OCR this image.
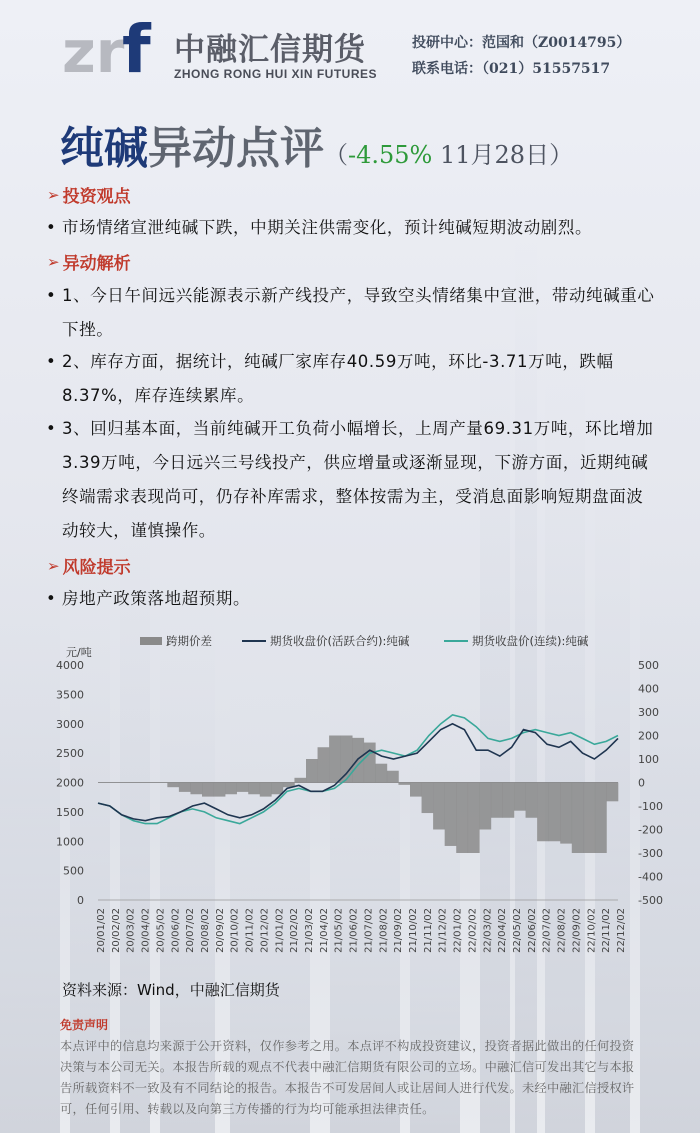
zr
f 中融汇信期货
ZHONG RONG HUI XIN FUTURES
投研中心：范国和（Z0014795）
联系电话：（021）51557517
纯碱异动点评（-4.55% 11月28日）
➢ 投资观点
• 市场情绪宣泄纯碱下跌，中期关注供需变化，预计纯碱短期波动剧烈。
➢ 异动解析
• 1、今日午间远兴能源表示新产线投产，导致空头情绪集中宣泄，带动纯碱重心下挫。
• 2、库存方面，据统计，纯碱厂家库存40.59万吨，环比-3.71万吨，跌幅8.37%，库存连续累库。
• 3、回归基本面，当前纯碱开工负荷小幅增长，上周产量69.31万吨，环比增加3.39万吨，今日远兴三号线投产，供应增量或逐渐显现，下游方面，近期纯碱终端需求表现尚可，仍存补库需求，整体按需为主，受消息面影响短期盘面波动较大，谨慎操作。
➢ 风险提示
• 房地产政策落地超预期。
跨期价差	期货收盘价(活跃合约):纯碱	期货收盘价(连续):纯碱
元/吨
4000
3500
3000
2500
2000
1500
1000
500
0
500
400
300
200
100
0
-100
-200
-300
-400
-500
20/01/02 20/02/02 20/03/02 20/04/02 20/05/02 20/06/02 20/07/02 20/08/02 20/09/02 20/10/02 20/11/02 20/12/02 21/01/02 21/02/02 21/03/02 21/04/02 21/05/02 21/06/02 21/07/02 21/08/02 21/09/02 21/10/02 21/11/02 21/12/02 22/01/02 22/02/02 22/03/02 22/04/02 22/05/02 22/06/02 22/07/02 22/08/02 22/09/02 22/10/02 22/11/02 22/12/02
资料来源：Wind，中融汇信期货
免责声明
本点评中的信息均来源于公开资料，仅作参考之用。本点评不构成投资建议，投资者据此做出的任何投资决策与本公司无关。本报告所载的观点不代表中融汇信期货有限公司的立场。中融汇信可发出其它与本报告所载资料不一致及有不同结论的报告。本报告不可发居间人或让居间人进行代发。未经中融汇信授权许可，任何引用、转载以及向第三方传播的行为均可能承担法律责任。
